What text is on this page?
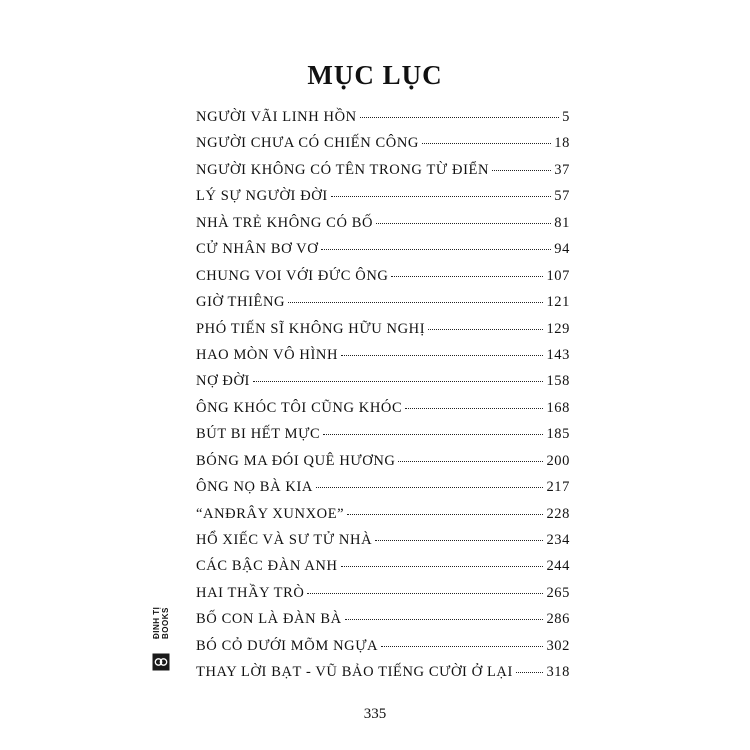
MỤC LỤC
NGƯỜI VÃI LINH HỒN	5
NGƯỜI CHƯA CÓ CHIẾN CÔNG	18
NGƯỜI KHÔNG CÓ TÊN TRONG TỪ ĐIỂN	37
LÝ SỰ NGƯỜI ĐỜI	57
NHÀ TRẺ KHÔNG CÓ BỐ	81
CỬ NHÂN BƠ VƠ	94
CHUNG VOI VỚI ĐỨC ÔNG	107
GIỜ THIÊNG	121
PHÓ TIẾN SĨ KHÔNG HỮU NGHỊ	129
HAO MÒN VÔ HÌNH	143
NỢ ĐỜI	158
ÔNG KHÓC TÔI CŨNG KHÓC	168
BÚT BI HẾT MỰC	185
BÓNG MA ĐÓI QUÊ HƯƠNG	200
ÔNG NỌ BÀ KIA	217
“ANĐRÂY XUNXOE”	228
HỔ XIẾC VÀ SƯ TỬ NHÀ	234
CÁC BẬC ĐÀN ANH	244
HAI THẦY TRÒ	265
BỐ CON LÀ ĐÀN BÀ	286
BÓ CỎ DƯỚI MÕM NGỰA	302
THAY LỜI BẠT - VŨ BẢO TIẾNG CƯỜI Ở LẠI 318
ĐINH TỊ BOOKS
335
